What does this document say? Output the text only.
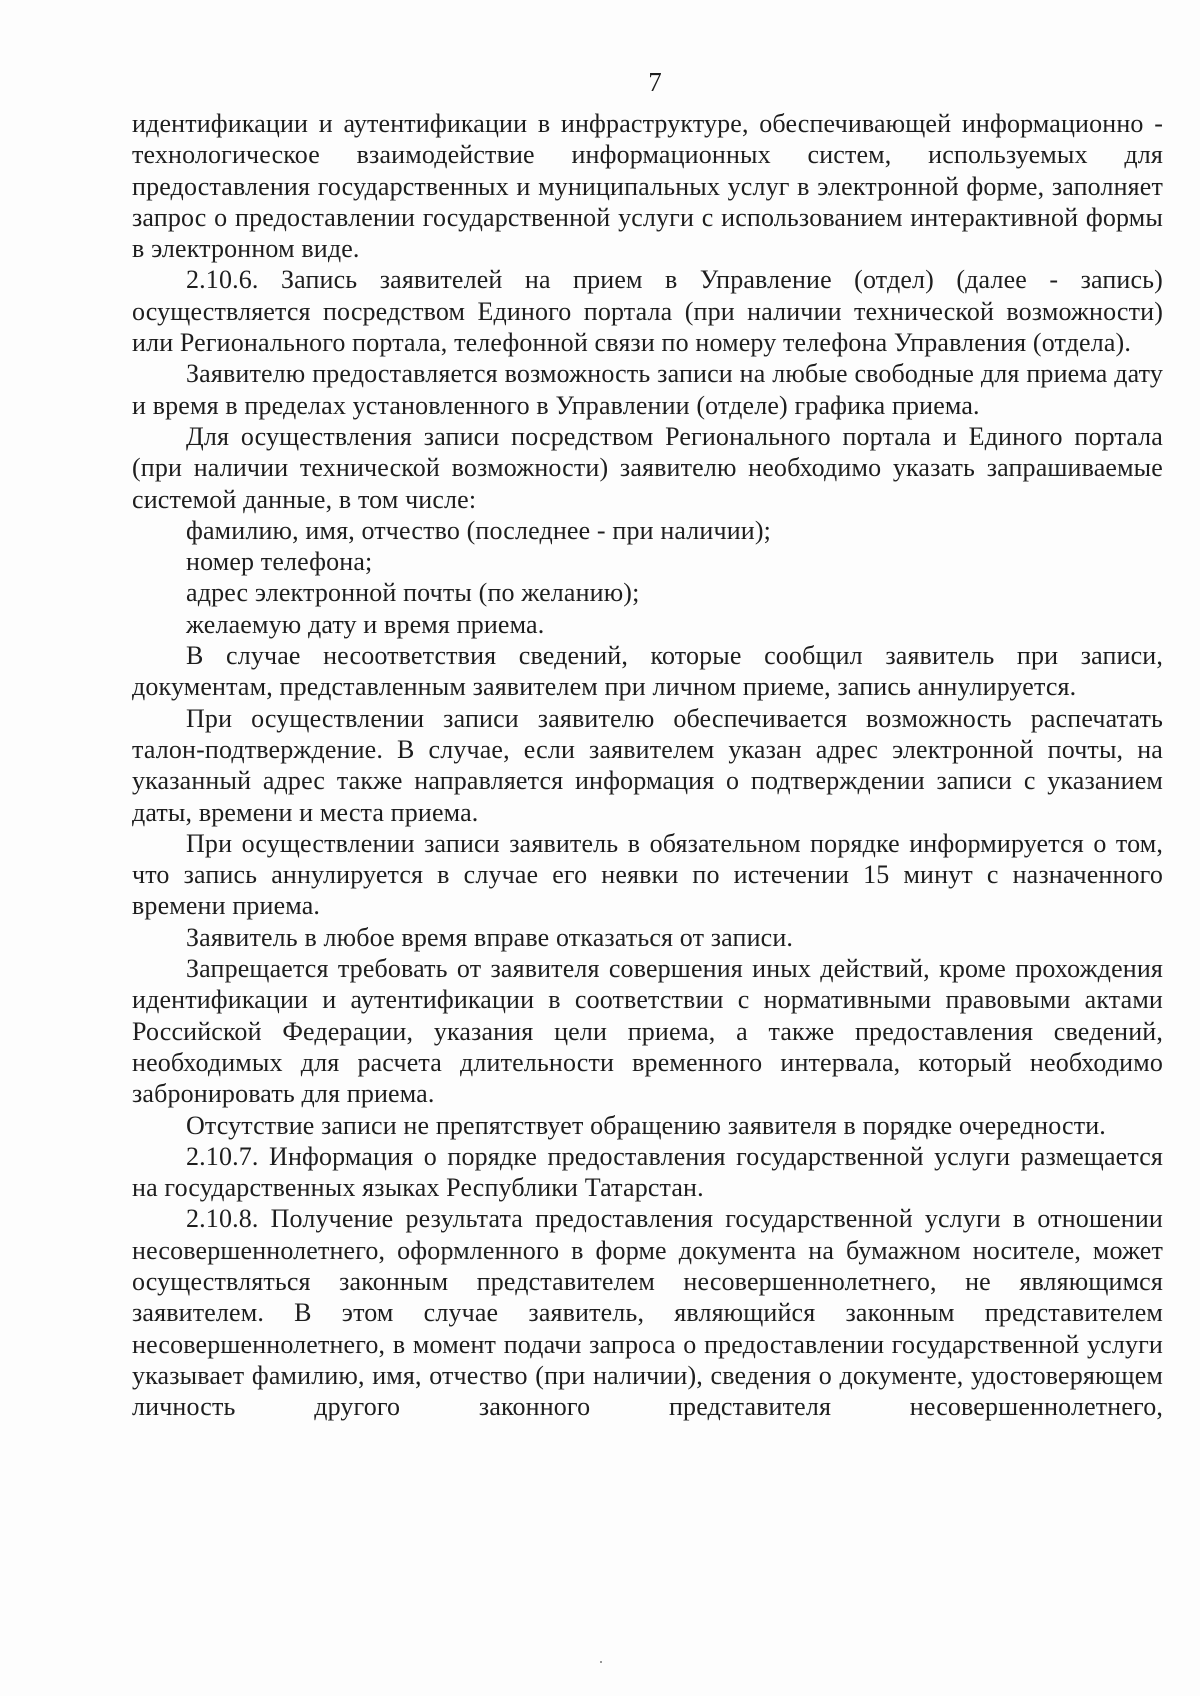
7

идентификации и аутентификации в инфраструктуре, обеспечивающей информационно - технологическое взаимодействие информационных систем, используемых для предоставления государственных и муниципальных услуг в электронной форме, заполняет запрос о предоставлении государственной услуги с использованием интерактивной формы в электронном виде.

2.10.6. Запись заявителей на прием в Управление (отдел) (далее - запись) осуществляется посредством Единого портала (при наличии технической возможности) или Регионального портала, телефонной связи по номеру телефона Управления (отдела).

Заявителю предоставляется возможность записи на любые свободные для приема дату и время в пределах установленного в Управлении (отделе) графика приема.

Для осуществления записи посредством Регионального портала и Единого портала (при наличии технической возможности) заявителю необходимо указать запрашиваемые системой данные, в том числе:

фамилию, имя, отчество (последнее - при наличии);

номер телефона;

адрес электронной почты (по желанию);

желаемую дату и время приема.

В случае несоответствия сведений, которые сообщил заявитель при записи, документам, представленным заявителем при личном приеме, запись аннулируется.

При осуществлении записи заявителю обеспечивается возможность распечатать талон-подтверждение. В случае, если заявителем указан адрес электронной почты, на указанный адрес также направляется информация о подтверждении записи с указанием даты, времени и места приема.

При осуществлении записи заявитель в обязательном порядке информируется о том, что запись аннулируется в случае его неявки по истечении 15 минут с назначенного времени приема.

Заявитель в любое время вправе отказаться от записи.

Запрещается требовать от заявителя совершения иных действий, кроме прохождения идентификации и аутентификации в соответствии с нормативными правовыми актами Российской Федерации, указания цели приема, а также предоставления сведений, необходимых для расчета длительности временного интервала, который необходимо забронировать для приема.

Отсутствие записи не препятствует обращению заявителя в порядке очередности.

2.10.7. Информация о порядке предоставления государственной услуги размещается на государственных языках Республики Татарстан.

2.10.8. Получение результата предоставления государственной услуги в отношении несовершеннолетнего, оформленного в форме документа на бумажном носителе, может осуществляться законным представителем несовершеннолетнего, не являющимся заявителем. В этом случае заявитель, являющийся законным представителем несовершеннолетнего, в момент подачи запроса о предоставлении государственной услуги указывает фамилию, имя, отчество (при наличии), сведения о документе, удостоверяющем личность другого законного представителя несовершеннолетнего,
